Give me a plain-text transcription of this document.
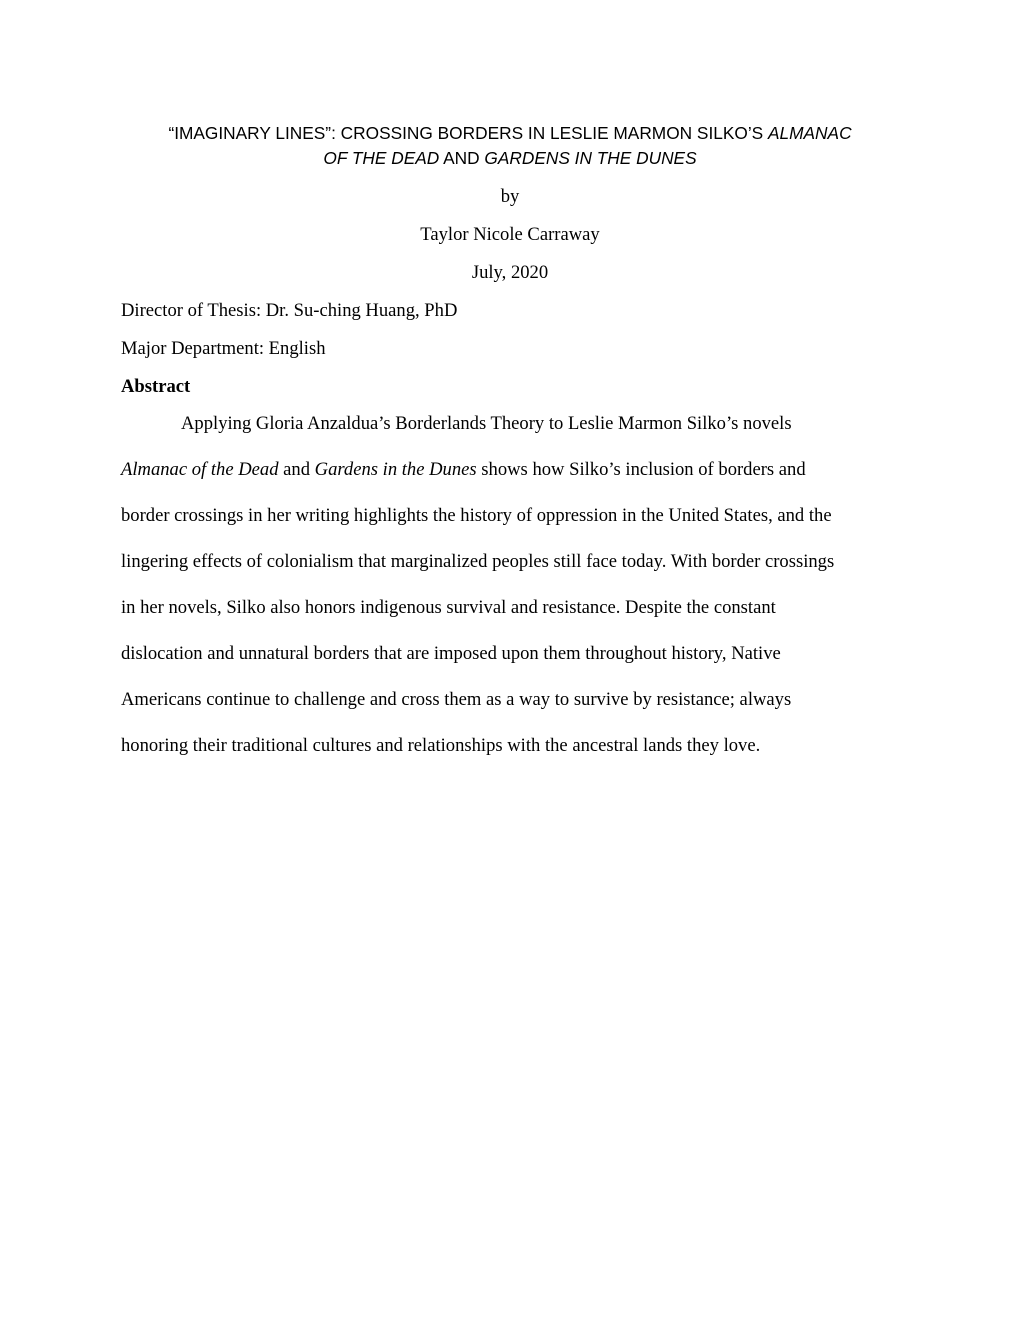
“IMAGINARY LINES”: CROSSING BORDERS IN LESLIE MARMON SILKO’S ALMANAC
OF THE DEAD AND GARDENS IN THE DUNES
by
Taylor Nicole Carraway
July, 2020
Director of Thesis: Dr. Su-ching Huang, PhD
Major Department: English
Abstract
Applying Gloria Anzaldua’s Borderlands Theory to Leslie Marmon Silko’s novels
Almanac of the Dead and Gardens in the Dunes shows how Silko’s inclusion of borders and
border crossings in her writing highlights the history of oppression in the United States, and the
lingering effects of colonialism that marginalized peoples still face today. With border crossings
in her novels, Silko also honors indigenous survival and resistance. Despite the constant
dislocation and unnatural borders that are imposed upon them throughout history, Native
Americans continue to challenge and cross them as a way to survive by resistance; always
honoring their traditional cultures and relationships with the ancestral lands they love.
